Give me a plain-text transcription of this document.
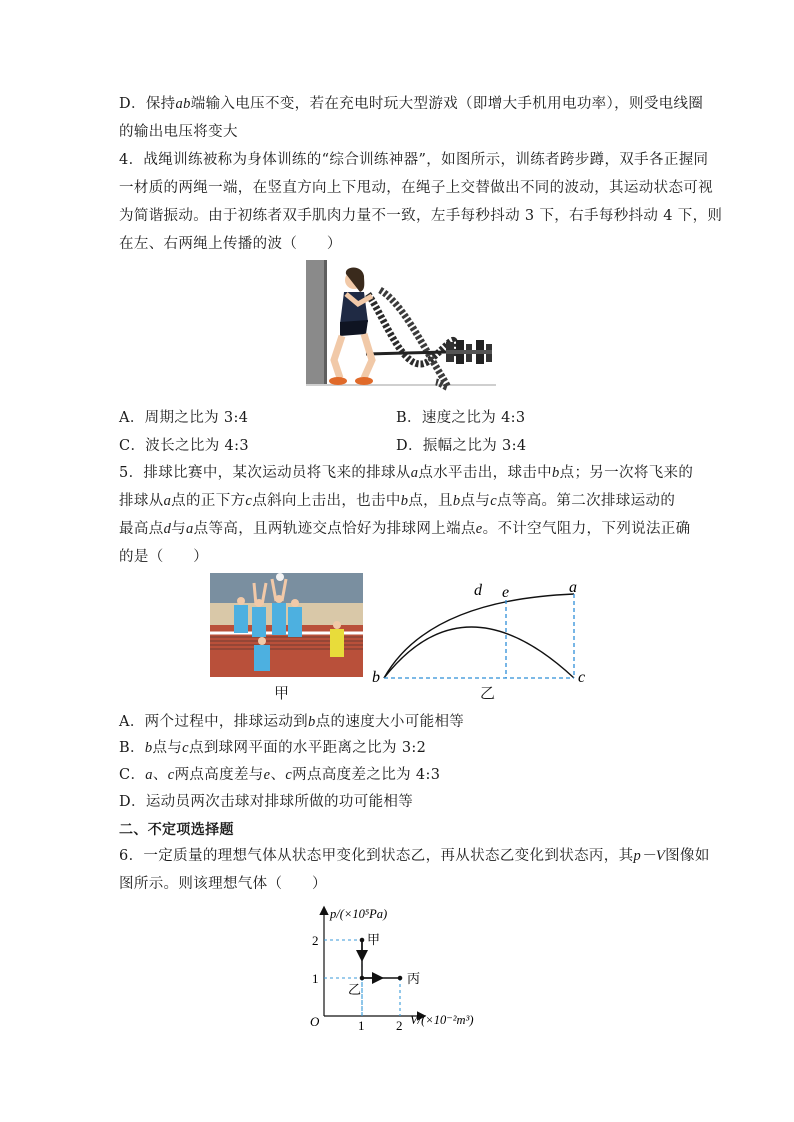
D．保持ab端输入电压不变，若在充电时玩大型游戏（即增大手机用电功率），则受电线圈
的输出电压将变大
4．战绳训练被称为身体训练的“综合训练神器”，如图所示，训练者跨步蹲，双手各正握同
一材质的两绳一端，在竖直方向上下甩动，在绳子上交替做出不同的波动，其运动状态可视
为简谐振动。由于初练者双手肌肉力量不一致，左手每秒抖动 3 下，右手每秒抖动 4 下，则
在左、右两绳上传播的波（　　）
A．周期之比为 3:4	B．速度之比为 4:3
C．波长之比为 4:3	D．振幅之比为 3:4
5．排球比赛中，某次运动员将飞来的排球从a点水平击出，球击中b点；另一次将飞来的
排球从a点的正下方c点斜向上击出，也击中b点，且b点与c点等高。第二次排球运动的
最高点d与a点等高，且两轨迹交点恰好为排球网上端点e。不计空气阻力，下列说法正确
的是（　　）
甲
d e	a
b	c
乙
A．两个过程中，排球运动到b点的速度大小可能相等
B．b点与c点到球网平面的水平距离之比为 3:2
C．a、c两点高度差与e、c两点高度差之比为 4:3
D．运动员两次击球对排球所做的功可能相等
二、不定项选择题
6．一定质量的理想气体从状态甲变化到状态乙，再从状态乙变化到状态丙，其p－V图像如
图所示。则该理想气体（　　）
p/(×10⁵Pa)
V/(×10⁻²m³)
O
1
2
1 2
甲
乙
丙
